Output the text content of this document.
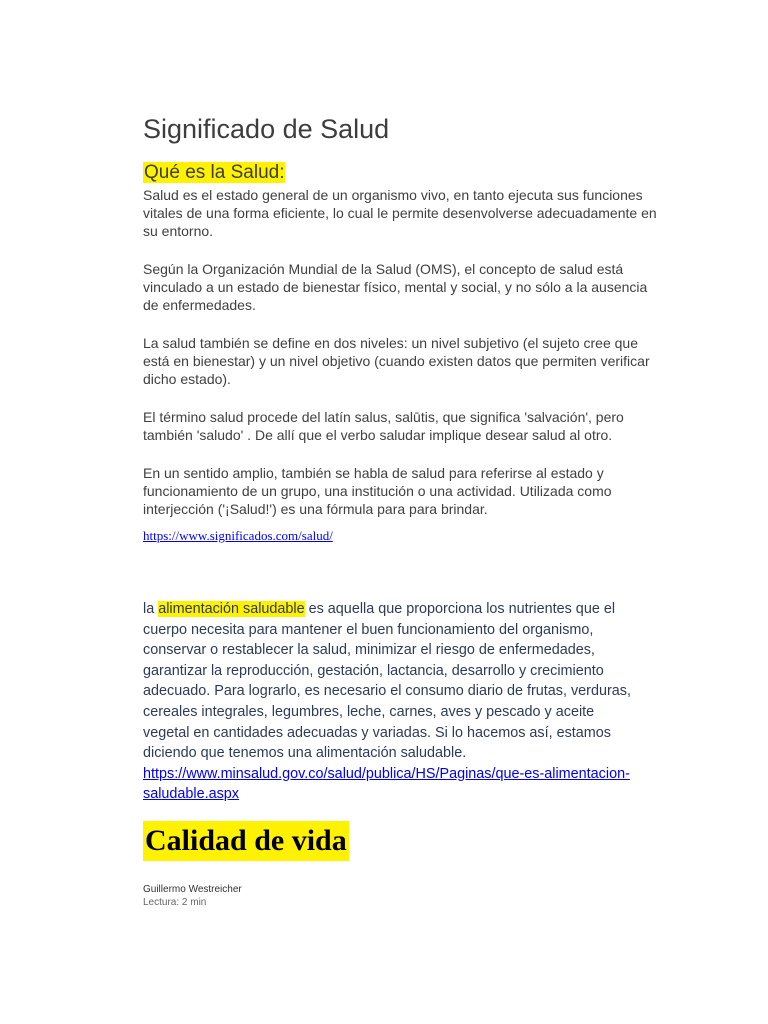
Significado de Salud
Qué es la Salud:

Salud es el estado general de un organismo vivo, en tanto ejecuta sus funciones vitales de una forma eficiente, lo cual le permite desenvolverse adecuadamente en su entorno.

Según la Organización Mundial de la Salud (OMS), el concepto de salud está vinculado a un estado de bienestar físico, mental y social, y no sólo a la ausencia de enfermedades.

La salud también se define en dos niveles: un nivel subjetivo (el sujeto cree que está en bienestar) y un nivel objetivo (cuando existen datos que permiten verificar dicho estado).

El término salud procede del latín salus, salūtis, que significa 'salvación', pero también 'saludo' . De allí que el verbo saludar implique desear salud al otro.

En un sentido amplio, también se habla de salud para referirse al estado y funcionamiento de un grupo, una institución o una actividad. Utilizada como interjección ('¡Salud!') es una fórmula para para brindar.

https://www.significados.com/salud/
la alimentación saludable es aquella que proporciona los nutrientes que el cuerpo necesita para mantener el buen funcionamiento del organismo, conservar o restablecer la salud, minimizar el riesgo de enfermedades, garantizar la reproducción, gestación, lactancia, desarrollo y crecimiento adecuado. Para lograrlo, es necesario el consumo diario de frutas, verduras, cereales integrales, legumbres, leche, carnes, aves y pescado y aceite vegetal en cantidades adecuadas y variadas. Si lo hacemos así, estamos diciendo que tenemos una alimentación saludable.
https://www.minsalud.gov.co/salud/publica/HS/Paginas/que-es-alimentacion-saludable.aspx
Calidad de vida
Guillermo Westreicher
Lectura: 2 min
